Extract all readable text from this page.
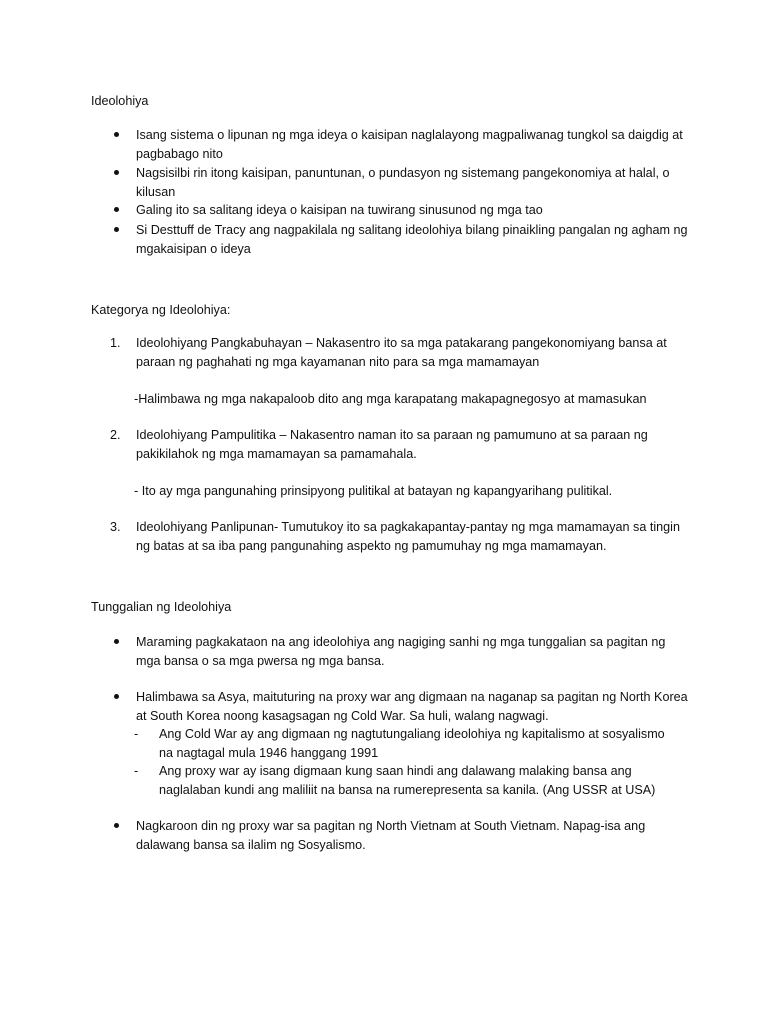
Ideolohiya
Isang sistema o lipunan ng mga ideya o kaisipan naglalayong magpaliwanag tungkol sa daigdig at pagbabago nito
Nagsisilbi rin itong kaisipan, panuntunan, o pundasyon ng sistemang pangekonomiya at halal, o kilusan
Galing ito sa salitang ideya o kaisipan na tuwirang sinusunod ng mga tao
Si Desttuff de Tracy ang nagpakilala ng salitang ideolohiya bilang pinaikling pangalan ng agham ng mgakaisipan o ideya
Kategorya ng Ideolohiya:
1.	Ideolohiyang Pangkabuhayan – Nakasentro ito sa mga patakarang pangekonomiyang bansa at paraan ng paghahati ng mga kayamanan nito para sa mga mamamayan
-Halimbawa ng mga nakapaloob dito ang mga karapatang makapagnegosyo at mamasukan
2.	Ideolohiyang Pampulitika – Nakasentro naman ito sa paraan ng pamumuno at sa paraan ng pakikilahok ng mga mamamayan sa pamamahala.
- Ito ay mga pangunahing prinsipyong pulitikal at batayan ng kapangyarihang pulitikal.
3.	Ideolohiyang Panlipunan- Tumutukoy ito sa pagkakapantay-pantay ng mga mamamayan sa tingin ng batas at sa iba pang pangunahing aspekto ng pamumuhay ng mga mamamayan.
Tunggalian ng Ideolohiya
Maraming pagkakataon na ang ideolohiya ang nagiging sanhi ng mga tunggalian sa pagitan ng mga bansa o sa mga pwersa ng mga bansa.
Halimbawa sa Asya, maituturing na proxy war ang digmaan na naganap sa pagitan ng North Korea at South Korea noong kasagsagan ng Cold War. Sa huli, walang nagwagi.
- Ang Cold War ay ang digmaan ng nagtutungaliang ideolohiya ng kapitalismo at sosyalismo na nagtagal mula 1946 hanggang 1991
- Ang proxy war ay isang digmaan kung saan hindi ang dalawang malaking bansa ang naglalaban kundi ang maliliit na bansa na rumerepresenta sa kanila. (Ang USSR at USA)
Nagkaroon din ng proxy war sa pagitan ng North Vietnam at South Vietnam. Napag-isa ang dalawang bansa sa ilalim ng Sosyalismo.
